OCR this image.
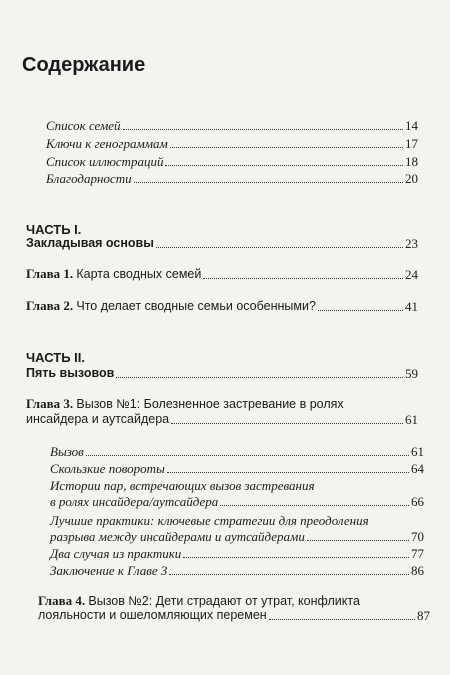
Содержание
Список семей	14
Ключи к генограммам	17
Список иллюстраций	18
Благодарности	20
ЧАСТЬ I.
Закладывая основы	23
Глава 1. Карта сводных семей	24
Глава 2. Что делает сводные семьи особенными?	41
ЧАСТЬ II.
Пять вызовов	59
Глава 3. Вызов №1: Болезненное застревание в ролях
инсайдера и аутсайдера	61
Вызов	61
Скользкие повороты	64
Истории пар, встречающих вызов застревания
в ролях инсайдера/аутсайдера	66
Лучшие практики: ключевые стратегии для преодоления
разрыва между инсайдерами и аутсайдерами	70
Два случая из практики	77
Заключение к Главе 3	86
Глава 4. Вызов №2: Дети страдают от утрат, конфликта
лояльности и ошеломляющих перемен	87
